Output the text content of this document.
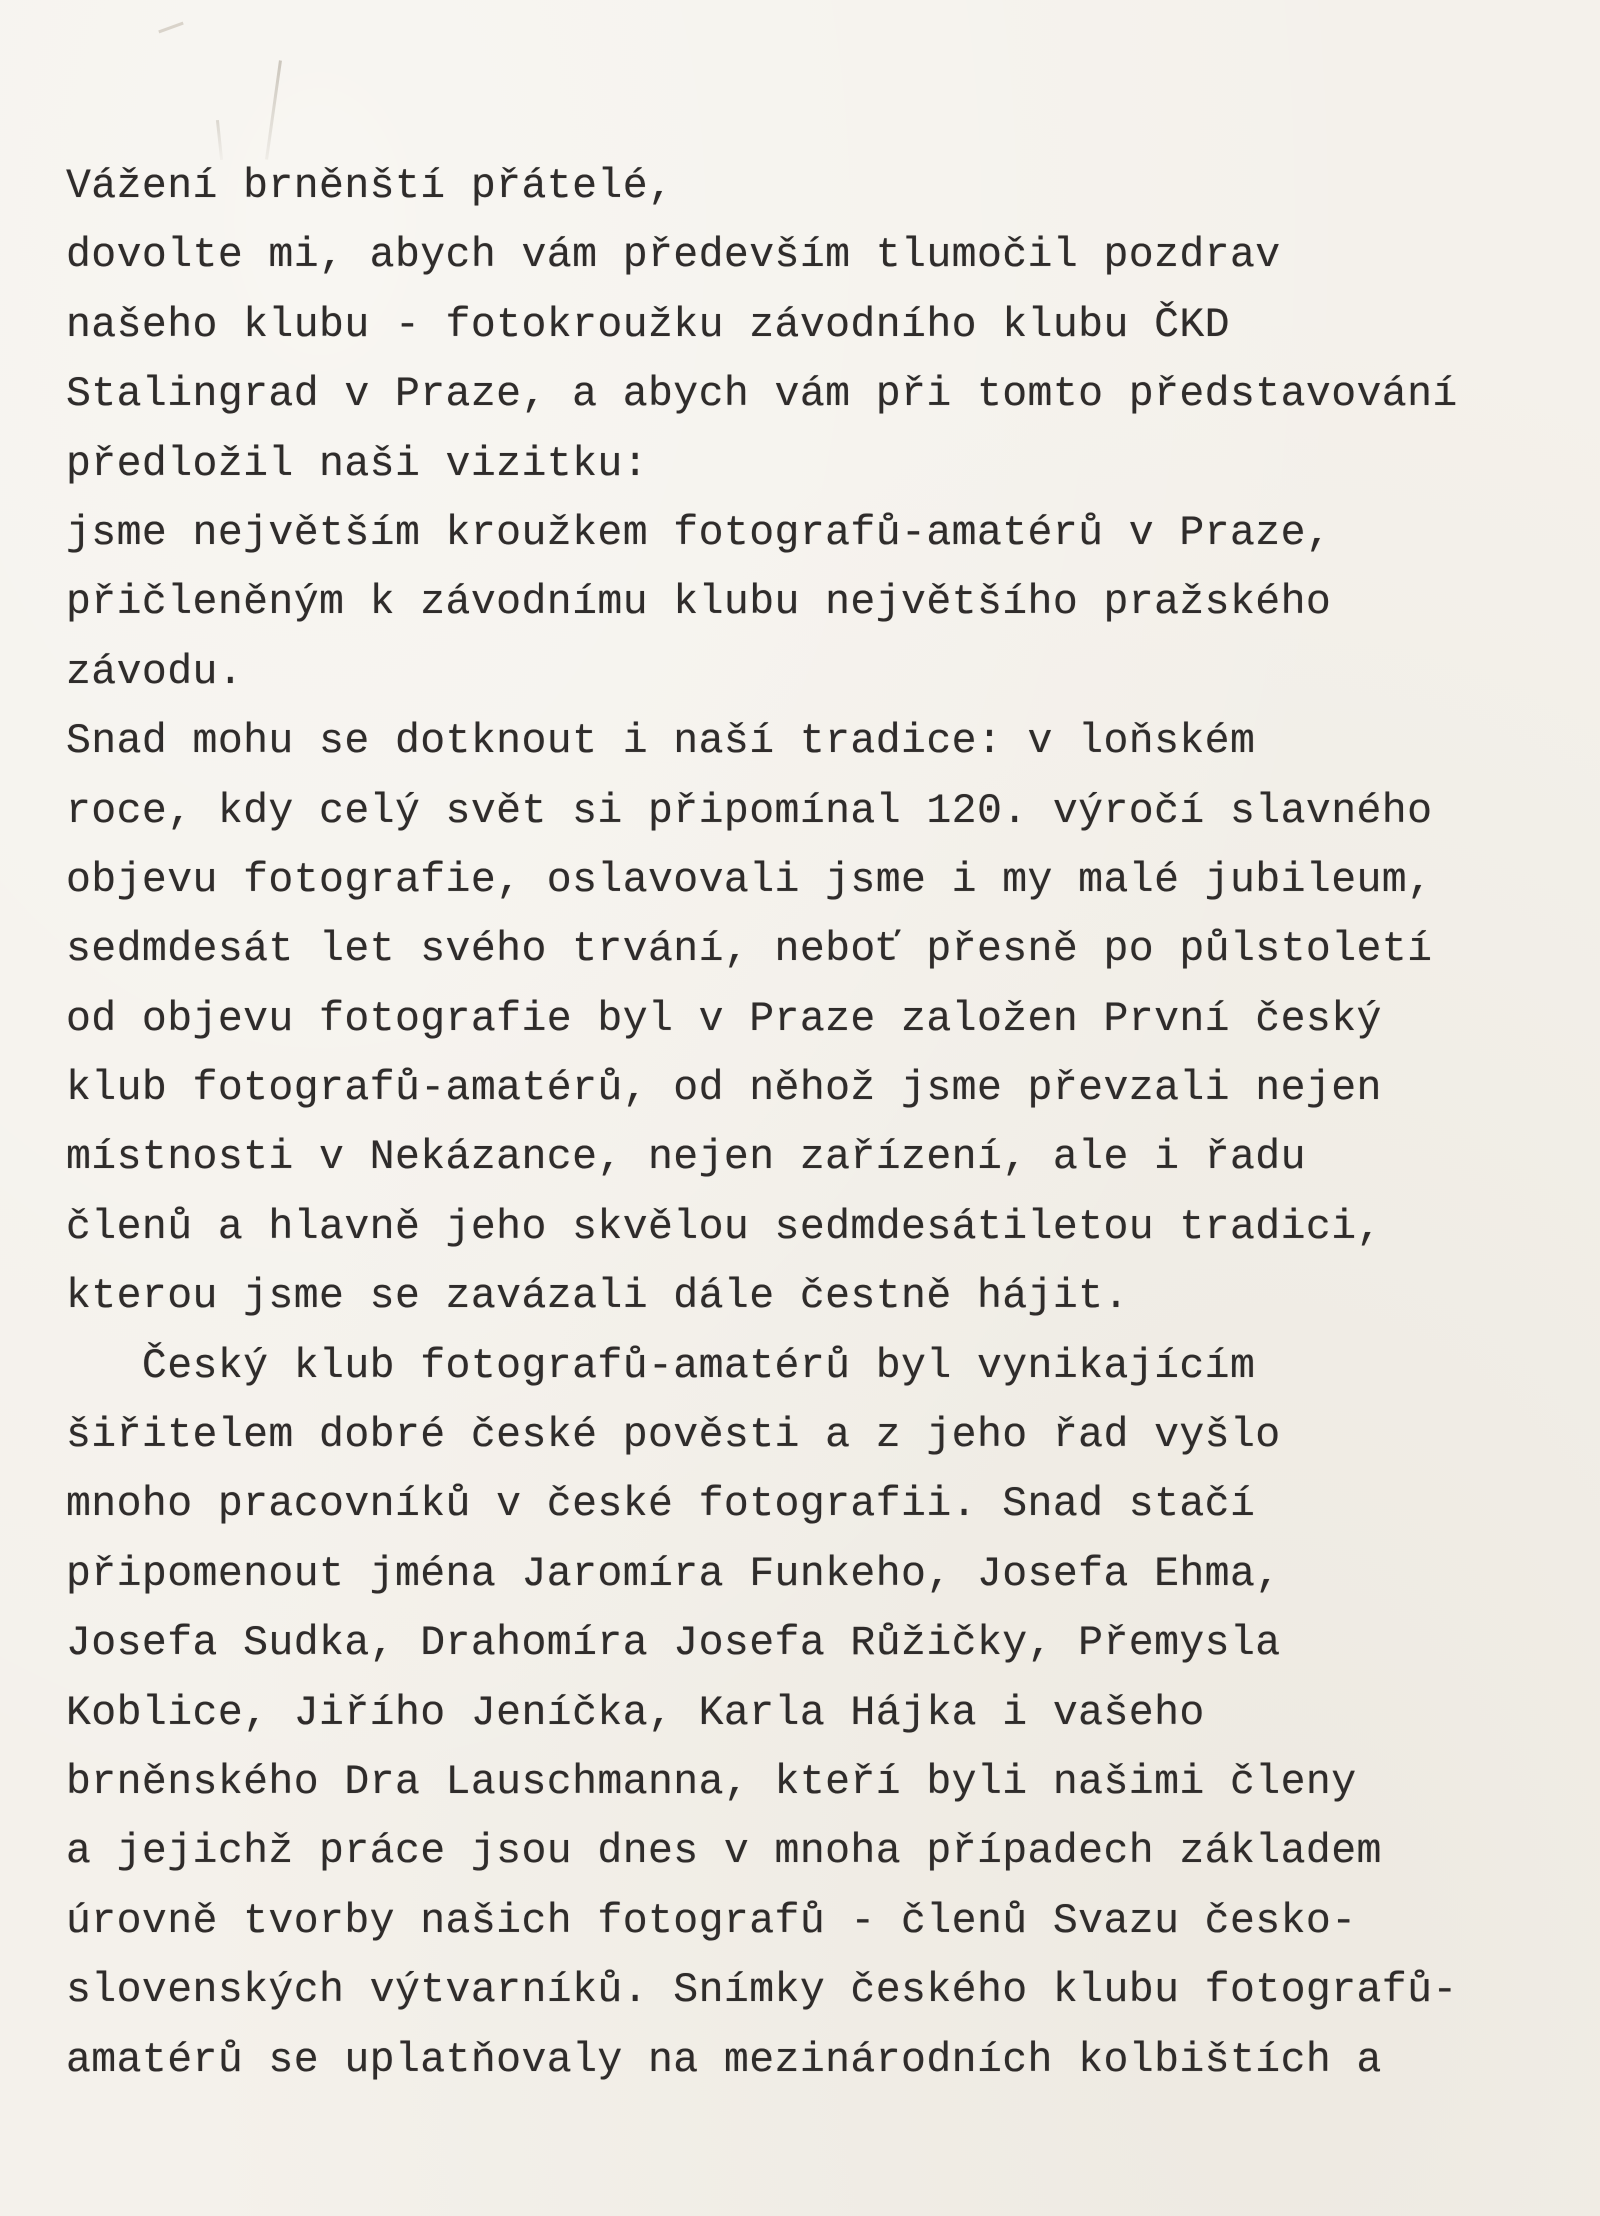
Vážení brněnští přátelé,
dovolte mi, abych vám především tlumočil pozdrav
našeho klubu - fotokroužku závodního klubu ČKD
Stalingrad v Praze, a abych vám při tomto představování
předložil naši vizitku:
jsme největším kroužkem fotografů-amatérů v Praze,
přičleněným k závodnímu klubu největšího pražského
závodu.
Snad mohu se dotknout i naší tradice: v loňském
roce, kdy celý svět si připomínal 120. výročí slavného
objevu fotografie, oslavovali jsme i my malé jubileum,
sedmdesát let svého trvání, neboť přesně po půlstoletí
od objevu fotografie byl v Praze založen První český
klub fotografů-amatérů, od něhož jsme převzali nejen
místnosti v Nekázance, nejen zařízení, ale i řadu
členů a hlavně jeho skvělou sedmdesátiletou tradici,
kterou jsme se zavázali dále čestně hájit.
Český klub fotografů-amatérů byl vynikajícím
šiřitelem dobré české pověsti a z jeho řad vyšlo
mnoho pracovníků v české fotografii. Snad stačí
připomenout jména Jaromíra Funkeho, Josefa Ehma,
Josefa Sudka, Drahomíra Josefa Růžičky, Přemysla
Koblice, Jiřího Jeníčka, Karla Hájka i vašeho
brněnského Dra Lauschmanna, kteří byli našimi členy
a jejichž práce jsou dnes v mnoha případech základem
úrovně tvorby našich fotografů - členů Svazu česko-
slovenských výtvarníků. Snímky českého klubu fotografů-
amatérů se uplatňovaly na mezinárodních kolbištích a
